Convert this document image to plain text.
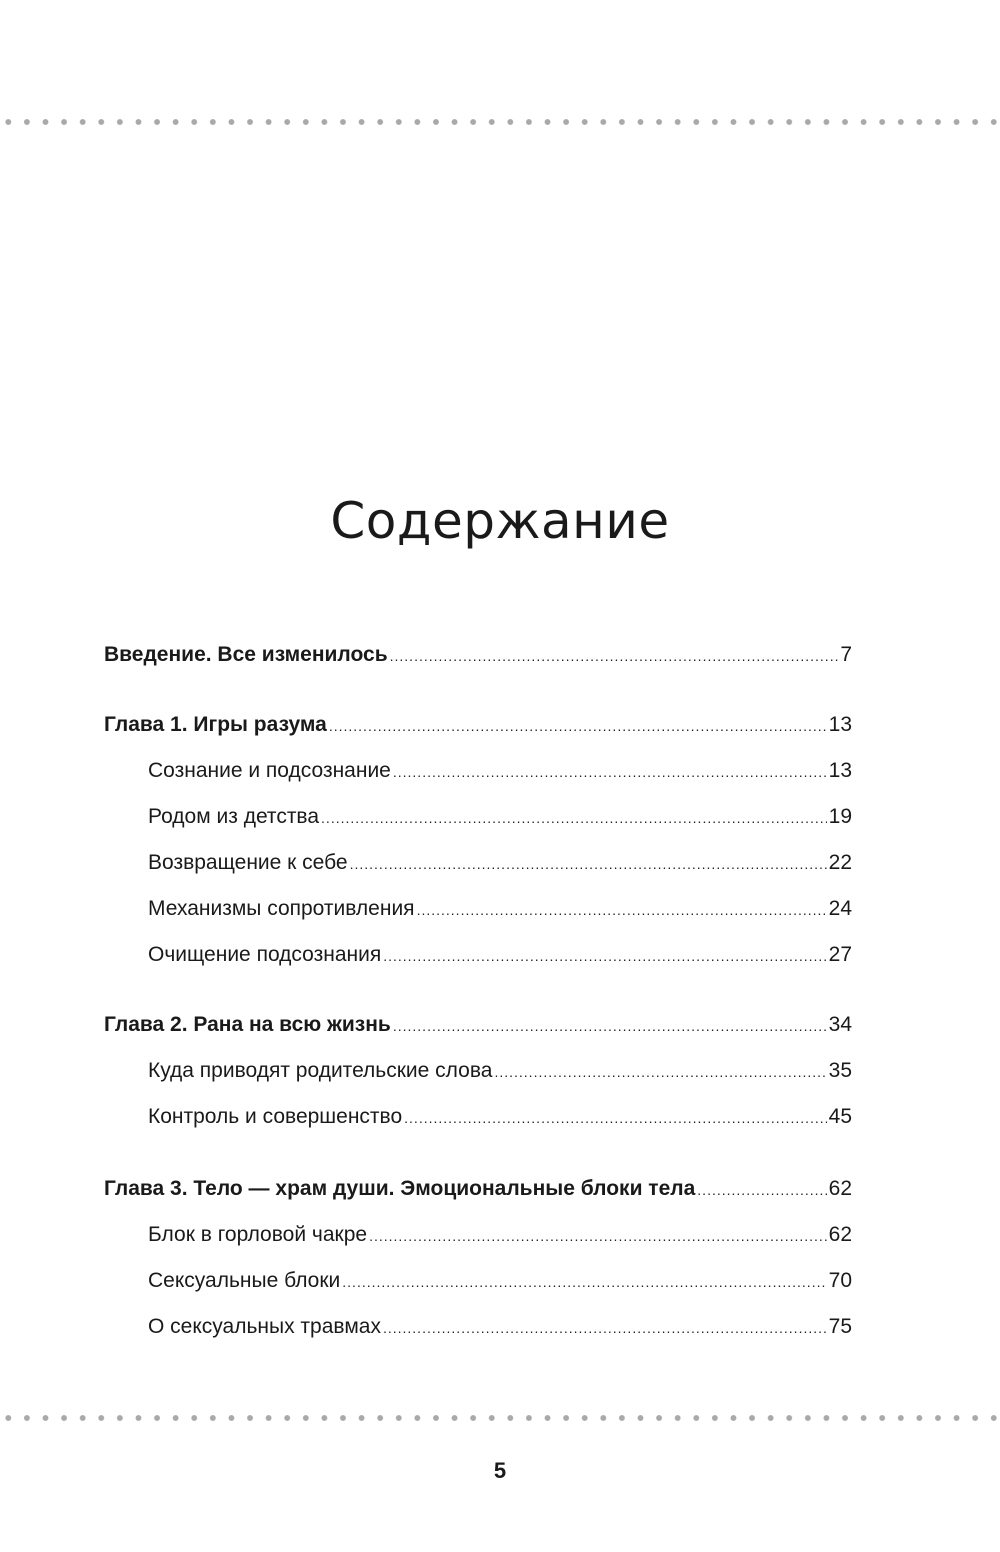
Содержание
Введение. Все изменилось .....	7
Глава 1. Игры разума .....	13
Сознание и подсознание .....	13
Родом из детства .....	19
Возвращение к себе .....	22
Механизмы сопротивления .....	24
Очищение подсознания .....	27
Глава 2. Рана на всю жизнь .....	34
Куда приводят родительские слова .....	35
Контроль и совершенство .....	45
Глава 3. Тело — храм души. Эмоциональные блоки тела .....	62
Блок в горловой чакре .....	62
Сексуальные блоки .....	70
О сексуальных травмах .....	75
5
